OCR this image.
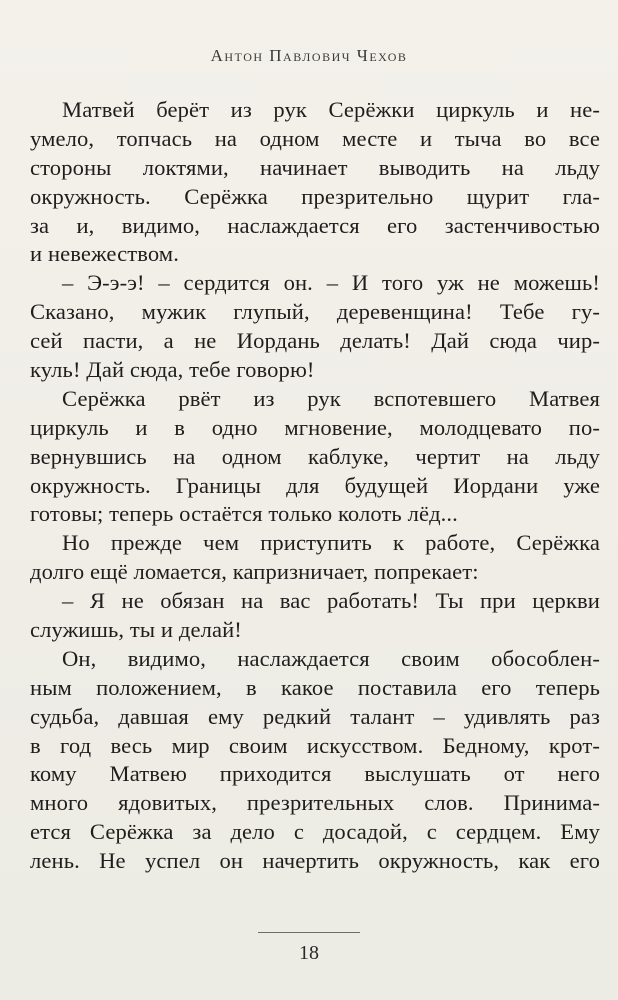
Антон Павлович Чехов
Матвей берёт из рук Серёжки циркуль и не-
умело, топчась на одном месте и тыча во все
стороны локтями, начинает выводить на льду
окружность. Серёжка презрительно щурит гла-
за и, видимо, наслаждается его застенчивостью
и невежеством.
– Э-э-э! – сердится он. – И того уж не можешь!
Сказано, мужик глупый, деревенщина! Тебе гу-
сей пасти, а не Иордань делать! Дай сюда чир-
куль! Дай сюда, тебе говорю!
Серёжка рвёт из рук вспотевшего Матвея
циркуль и в одно мгновение, молодцевато по-
вернувшись на одном каблуке, чертит на льду
окружность. Границы для будущей Иордани уже
готовы; теперь остаётся только колоть лёд...
Но прежде чем приступить к работе, Серёжка
долго ещё ломается, капризничает, попрекает:
– Я не обязан на вас работать! Ты при церкви
служишь, ты и делай!
Он, видимо, наслаждается своим обособлен-
ным положением, в какое поставила его теперь
судьба, давшая ему редкий талант – удивлять раз
в год весь мир своим искусством. Бедному, крот-
кому Матвею приходится выслушать от него
много ядовитых, презрительных слов. Принима-
ется Серёжка за дело с досадой, с сердцем. Ему
лень. Не успел он начертить окружность, как его
18
